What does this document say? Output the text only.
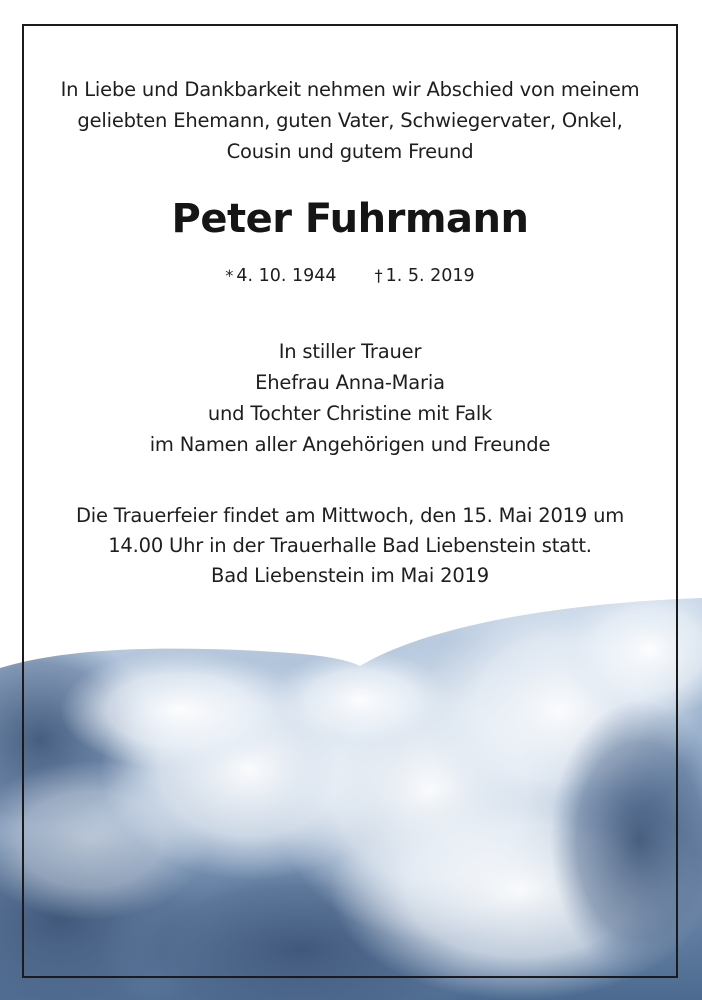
In Liebe und Dankbarkeit nehmen wir Abschied von meinem
geliebten Ehemann, guten Vater, Schwiegervater, Onkel,
Cousin und gutem Freund
Peter Fuhrmann
* 4. 10. 1944 † 1. 5. 2019
In stiller Trauer
Ehefrau Anna-Maria
und Tochter Christine mit Falk
im Namen aller Angehörigen und Freunde
Die Trauerfeier findet am Mittwoch, den 15. Mai 2019 um
14.00 Uhr in der Trauerhalle Bad Liebenstein statt.
Bad Liebenstein im Mai 2019
